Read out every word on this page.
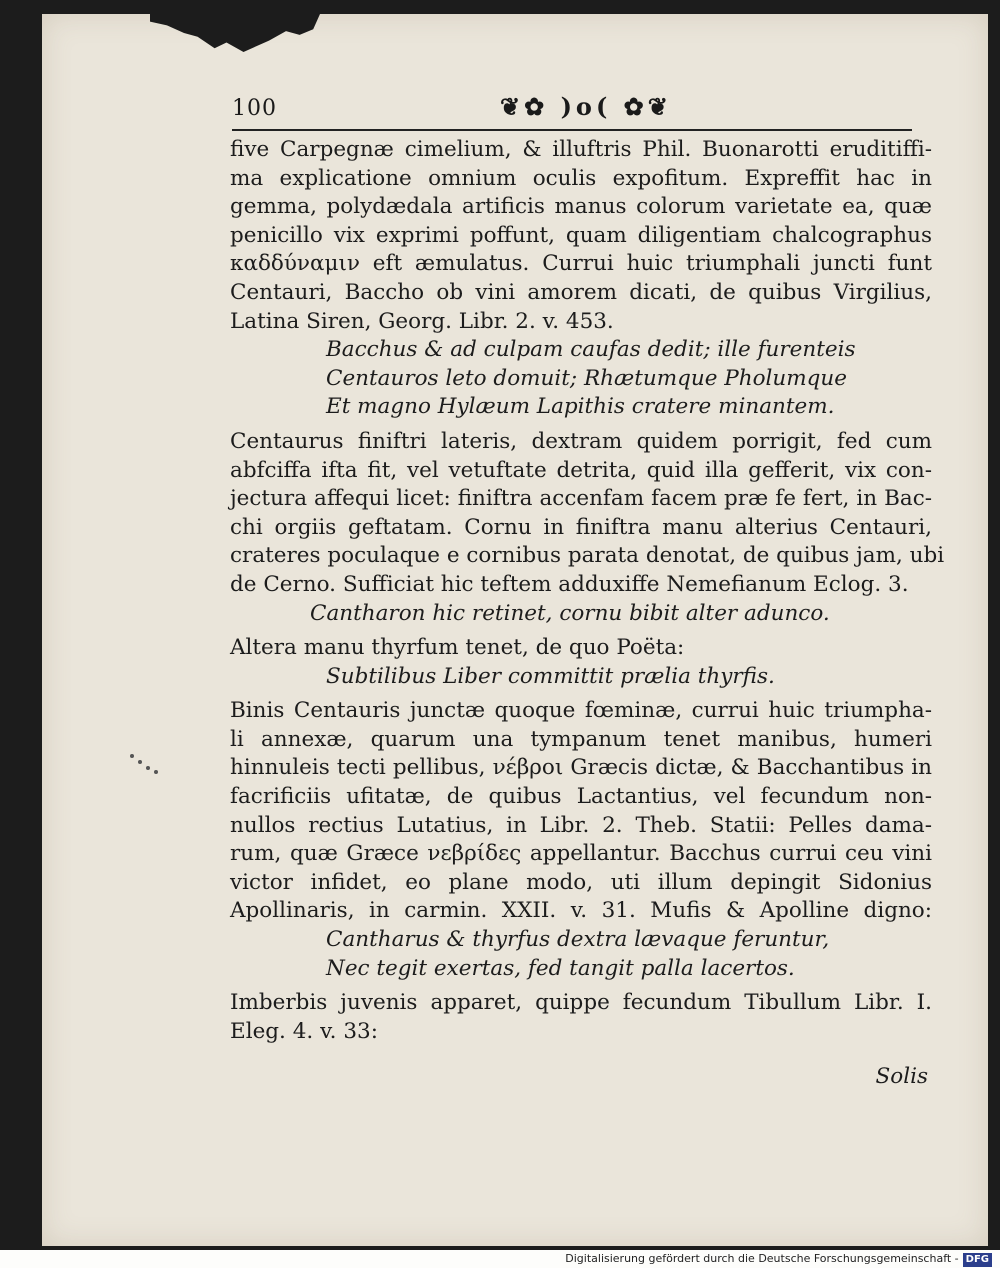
100	❦✿ )o( ✿❦
five Carpegnæ cimelium, & illuftris Phil. Buonarotti eruditiffi-
ma explicatione omnium oculis expofitum. Expreffit hac in
gemma, polydædala artificis manus colorum varietate ea, quæ
penicillo vix exprimi poffunt, quam diligentiam chalcographus
καδδύναμιν eft æmulatus. Currui huic triumphali juncti funt
Centauri, Baccho ob vini amorem dicati, de quibus Virgilius,
Latina Siren, Georg. Libr. 2. v. 453.
Bacchus & ad culpam caufas dedit; ille furenteis
Centauros leto domuit; Rhætumque Pholumque
Et magno Hylæum Lapithis cratere minantem.
Centaurus finiftri lateris, dextram quidem porrigit, fed cum
abfciffa ifta fit, vel vetuftate detrita, quid illa gefferit, vix con-
jectura affequi licet: finiftra accenfam facem præ fe fert, in Bac-
chi orgiis geftatam. Cornu in finiftra manu alterius Centauri,
crateres poculaque e cornibus parata denotat, de quibus jam, ubi
de Cerno. Sufficiat hic teftem adduxiffe Nemefianum Eclog. 3.
Cantharon hic retinet, cornu bibit alter adunco.
Altera manu thyrfum tenet, de quo Poëta:
Subtilibus Liber committit prælia thyrfis.
Binis Centauris junctæ quoque fœminæ, currui huic triumpha-
li annexæ, quarum una tympanum tenet manibus, humeri
hinnuleis tecti pellibus, νέβροι Græcis dictæ, & Bacchantibus in
facrificiis ufitatæ, de quibus Lactantius, vel fecundum non-
nullos rectius Lutatius, in Libr. 2. Theb. Statii: Pelles dama-
rum, quæ Græce νεβρίδες appellantur. Bacchus currui ceu vini
victor infidet, eo plane modo, uti illum depingit Sidonius
Apollinaris, in carmin. XXII. v. 31. Mufis & Apolline digno:
Cantharus & thyrfus dextra lævaque feruntur,
Nec tegit exertas, fed tangit palla lacertos.
Imberbis juvenis apparet, quippe fecundum Tibullum Libr. I.
Eleg. 4. v. 33:
Solis
Digitalisierung gefördert durch die Deutsche Forschungsgemeinschaft - DFG
